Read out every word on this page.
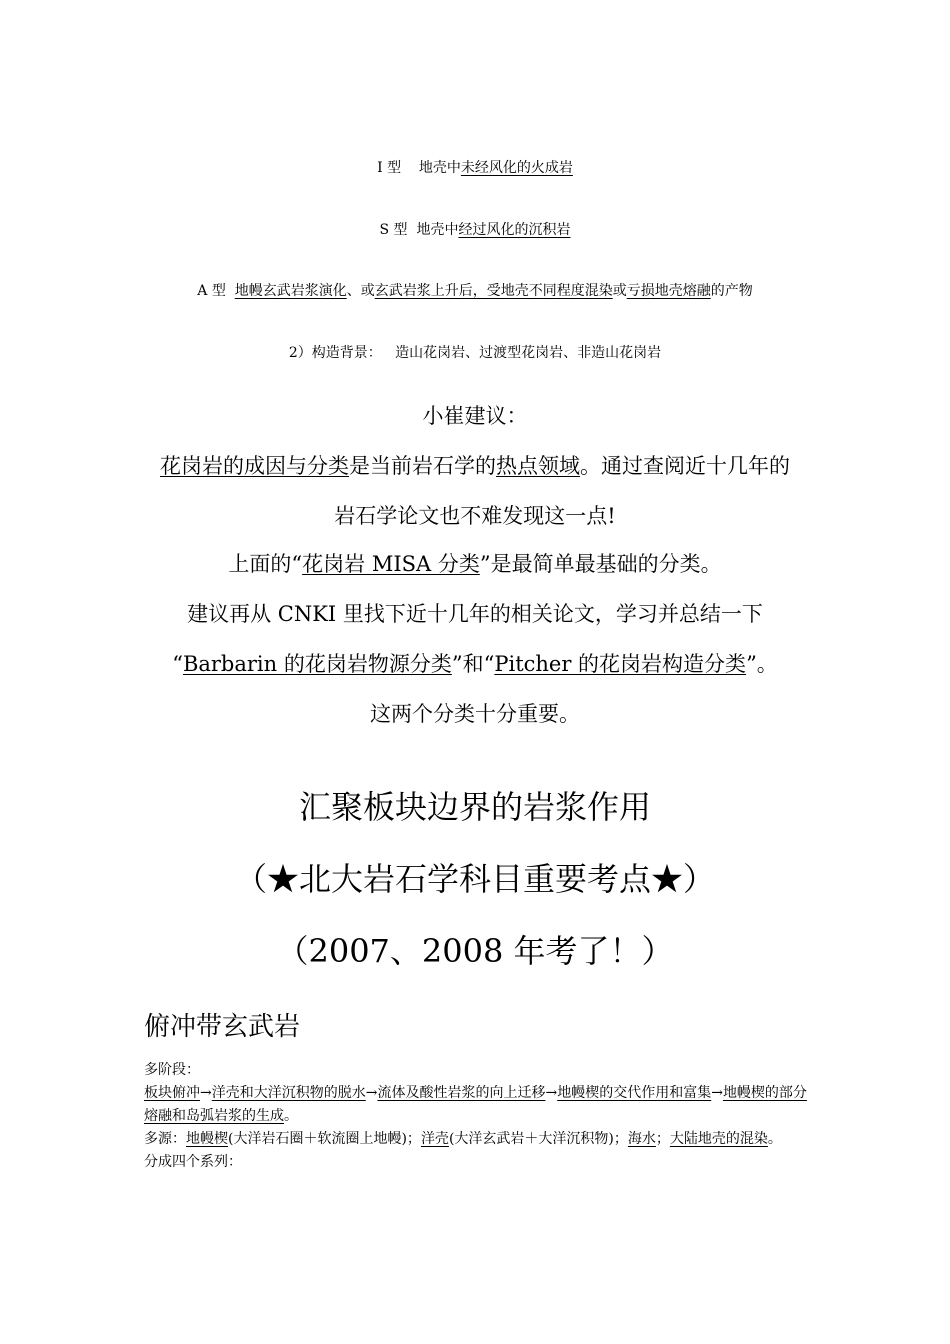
I 型 地壳中未经风化的火成岩
S 型 地壳中经过风化的沉积岩
A 型 地幔玄武岩浆演化、或玄武岩浆上升后，受地壳不同程度混染或亏损地壳熔融的产物
2）构造背景： 造山花岗岩、过渡型花岗岩、非造山花岗岩
小崔建议：
花岗岩的成因与分类是当前岩石学的热点领域。通过查阅近十几年的
岩石学论文也不难发现这一点!
上面的“花岗岩 MISA 分类”是最简单最基础的分类。
建议再从 CNKI 里找下近十几年的相关论文，学习并总结一下
“Barbarin 的花岗岩物源分类”和“Pitcher 的花岗岩构造分类”。
这两个分类十分重要。
汇聚板块边界的岩浆作用
（★北大岩石学科目重要考点★）
（2007、2008 年考了！）
俯冲带玄武岩
多阶段：
板块俯冲→洋壳和大洋沉积物的脱水→流体及酸性岩浆的向上迁移→地幔楔的交代作用和富集→地幔楔的部分熔融和岛弧岩浆的生成。
多源：地幔楔(大洋岩石圈＋软流圈上地幔)；洋壳(大洋玄武岩＋大洋沉积物)；海水；大陆地壳的混染。
分成四个系列：
